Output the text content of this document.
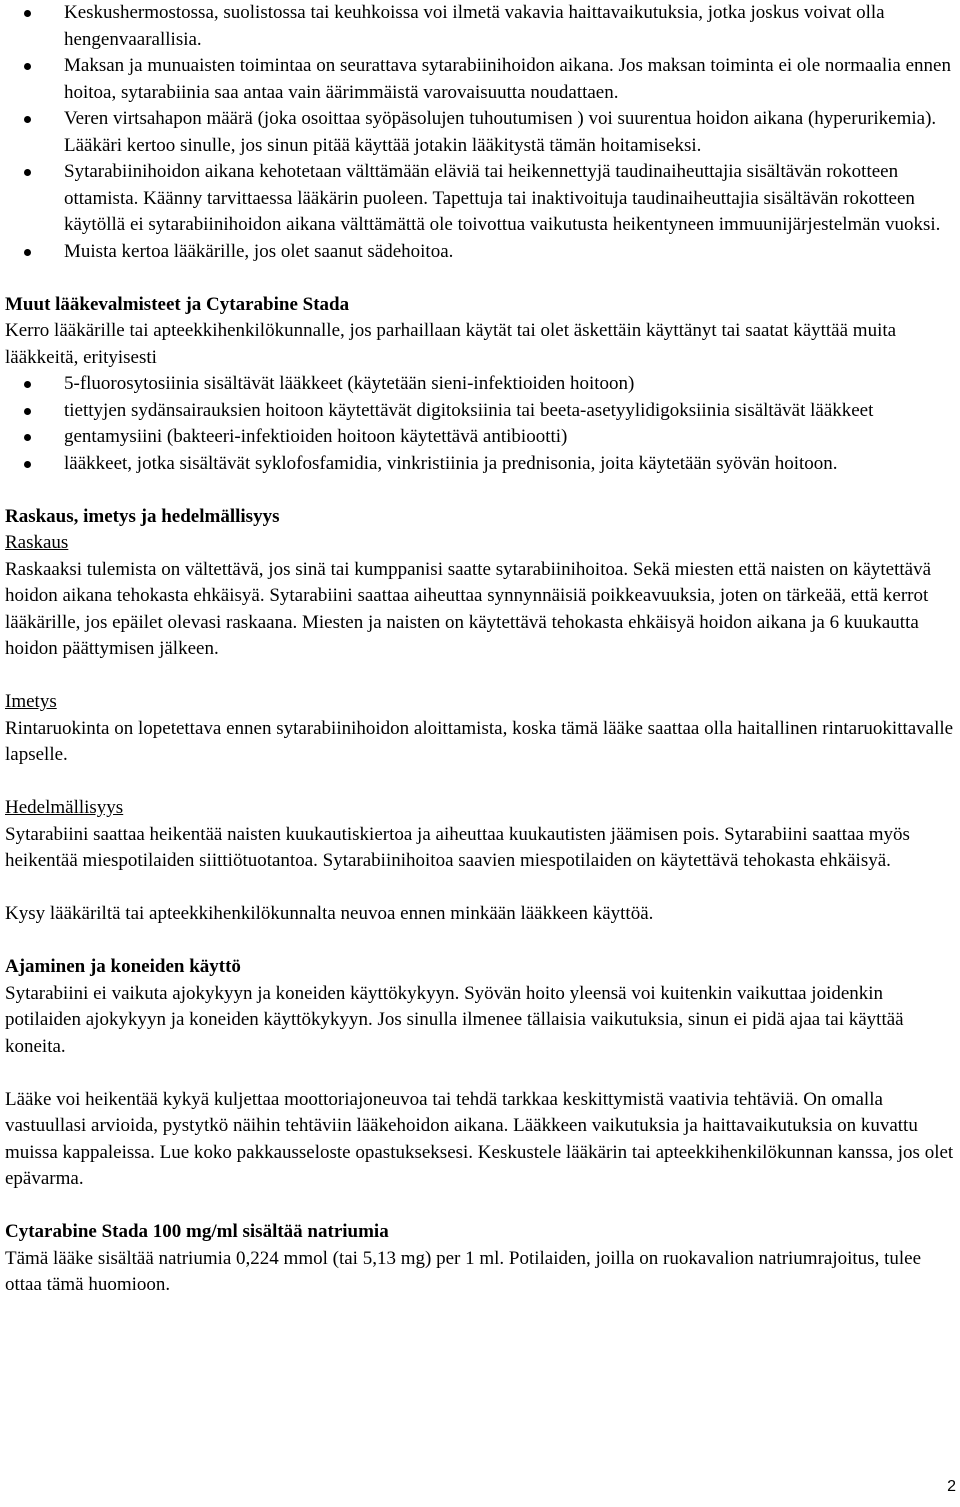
Keskushermostossa, suolistossa tai keuhkoissa voi ilmetä vakavia haittavaikutuksia, jotka joskus voivat olla hengenvaarallisia.
Maksan ja munuaisten toimintaa on seurattava sytarabiinihoidon aikana. Jos maksan toiminta ei ole normaalia ennen hoitoa, sytarabiinia saa antaa vain äärimmäistä varovaisuutta noudattaen.
Veren virtsahapon määrä (joka osoittaa syöpäsolujen tuhoutumisen ) voi suurentua hoidon aikana (hyperurikemia). Lääkäri kertoo sinulle, jos sinun pitää käyttää jotakin lääkitystä tämän hoitamiseksi.
Sytarabiinihoidon aikana kehotetaan välttämään eläviä tai heikennettyjä taudinaiheuttajia sisältävän rokotteen ottamista. Käänny tarvittaessa lääkärin puoleen. Tapettuja tai inaktivoituja taudinaiheuttajia sisältävän rokotteen käytöllä ei sytarabiinihoidon aikana välttämättä ole toivottua vaikutusta heikentyneen immuunijärjestelmän vuoksi.
Muista kertoa lääkärille, jos olet saanut sädehoitoa.

Muut lääkevalmisteet ja Cytarabine Stada

Kerro lääkärille tai apteekkihenkilökunnalle, jos parhaillaan käytät tai olet äskettäin käyttänyt tai saatat käyttää muita lääkkeitä, erityisesti

5-fluorosytosiinia sisältävät lääkkeet (käytetään sieni-infektioiden hoitoon)
tiettyjen sydänsairauksien hoitoon käytettävät digitoksiinia tai beeta-asetyylidigoksiinia sisältävät lääkkeet
gentamysiini (bakteeri-infektioiden hoitoon käytettävä antibiootti)
lääkkeet, jotka sisältävät syklofosfamidia, vinkristiinia ja prednisonia, joita käytetään syövän hoitoon.

Raskaus, imetys ja hedelmällisyys

Raskaus

Raskaaksi tulemista on vältettävä, jos sinä tai kumppanisi saatte sytarabiinihoitoa. Sekä miesten että naisten on käytettävä hoidon aikana tehokasta ehkäisyä. Sytarabiini saattaa aiheuttaa synnynnäisiä poikkeavuuksia, joten on tärkeää, että kerrot lääkärille, jos epäilet olevasi raskaana. Miesten ja naisten on käytettävä tehokasta ehkäisyä hoidon aikana ja 6 kuukautta hoidon päättymisen jälkeen.

Imetys

Rintaruokinta on lopetettava ennen sytarabiinihoidon aloittamista, koska tämä lääke saattaa olla haitallinen rintaruokittavalle lapselle.

Hedelmällisyys

Sytarabiini saattaa heikentää naisten kuukautiskiertoa ja aiheuttaa kuukautisten jäämisen pois. Sytarabiini saattaa myös heikentää miespotilaiden siittiötuotantoa. Sytarabiinihoitoa saavien miespotilaiden on käytettävä tehokasta ehkäisyä.

Kysy lääkäriltä tai apteekkihenkilökunnalta neuvoa ennen minkään lääkkeen käyttöä.

Ajaminen ja koneiden käyttö

Sytarabiini ei vaikuta ajokykyyn ja koneiden käyttökykyyn. Syövän hoito yleensä voi kuitenkin vaikuttaa joidenkin potilaiden ajokykyyn ja koneiden käyttökykyyn. Jos sinulla ilmenee tällaisia vaikutuksia, sinun ei pidä ajaa tai käyttää koneita.

Lääke voi heikentää kykyä kuljettaa moottoriajoneuvoa tai tehdä tarkkaa keskittymistä vaativia tehtäviä. On omalla vastuullasi arvioida, pystytkö näihin tehtäviin lääkehoidon aikana. Lääkkeen vaikutuksia ja haittavaikutuksia on kuvattu muissa kappaleissa. Lue koko pakkausseloste opastukseksesi. Keskustele lääkärin tai apteekkihenkilökunnan kanssa, jos olet epävarma.

Cytarabine Stada 100 mg/ml sisältää natriumia

Tämä lääke sisältää natriumia 0,224 mmol (tai 5,13 mg) per 1 ml. Potilaiden, joilla on ruokavalion natriumrajoitus, tulee ottaa tämä huomioon.

2
